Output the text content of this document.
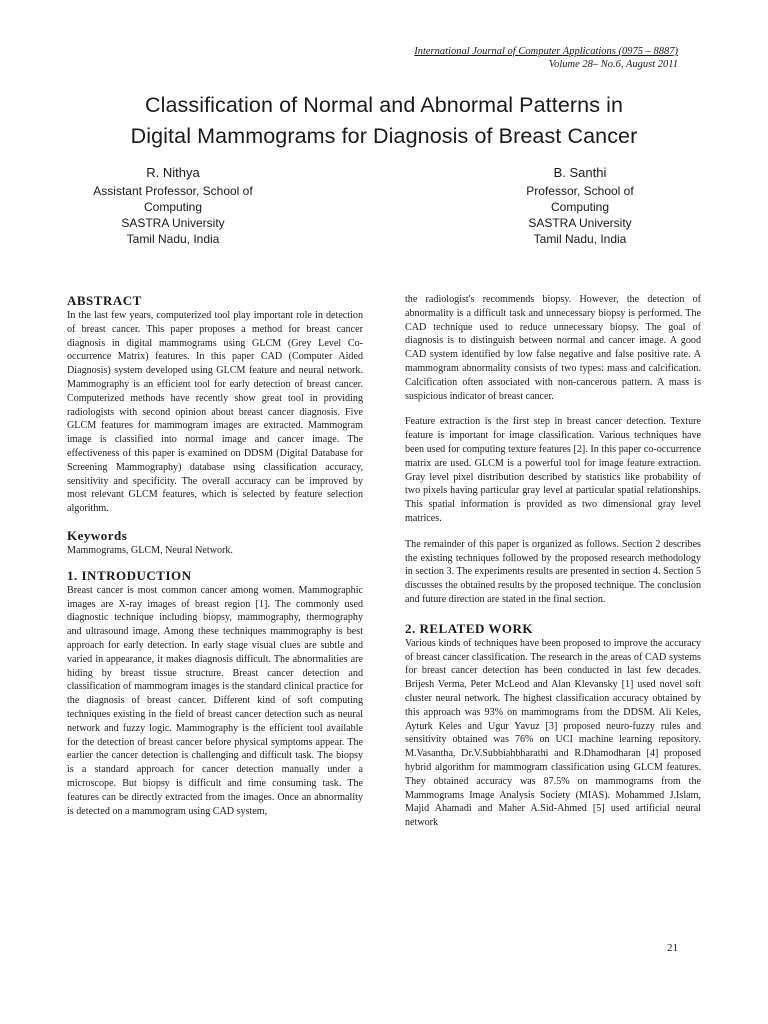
International Journal of Computer Applications (0975 – 8887)
Volume 28– No.6, August 2011
Classification of Normal and Abnormal Patterns in
Digital Mammograms for Diagnosis of Breast Cancer
R. Nithya
Assistant Professor, School of
Computing
SASTRA University
Tamil Nadu, India
B. Santhi
Professor, School of
Computing
SASTRA University
Tamil Nadu, India
ABSTRACT

In the last few years, computerized tool play important role in detection of breast cancer. This paper proposes a method for breast cancer diagnosis in digital mammograms using GLCM (Grey Level Co-occurrence Matrix) features. In this paper CAD (Computer Aided Diagnosis) system developed using GLCM feature and neural network. Mammography is an efficient tool for early detection of breast cancer. Computerized methods have recently show great tool in providing radiologists with second opinion about breast cancer diagnosis. Five GLCM features for mammogram images are extracted. Mammogram image is classified into normal image and cancer image. The effectiveness of this paper is examined on DDSM (Digital Database for Screening Mammography) database using classification accuracy, sensitivity and specificity. The overall accuracy can be improved by most relevant GLCM features, which is selected by feature selection algorithm.

Keywords

Mammograms, GLCM, Neural Network.

1. INTRODUCTION

Breast cancer is most common cancer among women. Mammographic images are X-ray images of breast region [1]. The commonly used diagnostic technique including biopsy, mammography, thermography and ultrasound image. Among these techniques mammography is best approach for early detection. In early stage visual clues are subtle and varied in appearance, it makes diagnosis difficult. The abnormalities are hiding by breast tissue structure. Breast cancer detection and classification of mammogram images is the standard clinical practice for the diagnosis of breast cancer. Different kind of soft computing techniques existing in the field of breast cancer detection such as neural network and fuzzy logic. Mammography is the efficient tool available for the detection of breast cancer before physical symptoms appear. The earlier the cancer detection is challenging and difficult task. The biopsy is a standard approach for cancer detection manually under a microscope. But biopsy is difficult and time consuming task. The features can be directly extracted from the images. Once an abnormality is detected on a mammogram using CAD system,

the radiologist's recommends biopsy. However, the detection of abnormality is a difficult task and unnecessary biopsy is performed. The CAD technique used to reduce unnecessary biopsy. The goal of diagnosis is to distinguish between normal and cancer image. A good CAD system identified by low false negative and false positive rate. A mammogram abnormality consists of two types: mass and calcification. Calcification often associated with non-cancerous pattern. A mass is suspicious indicator of breast cancer.

Feature extraction is the first step in breast cancer detection. Texture feature is important for image classification. Various techniques have been used for computing texture features [2]. In this paper co-occurrence matrix are used. GLCM is a powerful tool for image feature extraction. Gray level pixel distribution described by statistics like probability of two pixels having particular gray level at particular spatial relationships. This spatial information is provided as two dimensional gray level matrices.

The remainder of this paper is organized as follows. Section 2 describes the existing techniques followed by the proposed research methodology in section 3. The experiments results are presented in section 4. Section 5 discusses the obtained results by the proposed technique. The conclusion and future direction are stated in the final section.

2. RELATED WORK

Various kinds of techniques have been proposed to improve the accuracy of breast cancer classification. The research in the areas of CAD systems for breast cancer detection has been conducted in last few decades. Brijesh Verma, Peter McLeod and Alan Klevansky [1] used novel soft cluster neural network. The highest classification accuracy obtained by this approach was 93% on mammograms from the DDSM. Ali Keles, Ayturk Keles and Ugur Yavuz [3] proposed neuro-fuzzy rules and sensitivity obtained was 76% on UCI machine learning repository. M.Vasantha, Dr.V.Subbiahbharathi and R.Dhamodharan [4] proposed hybrid algorithm for mammogram classification using GLCM features. They obtained accuracy was 87.5% on mammograms from the Mammograms Image Analysis Society (MIAS). Mohammed J.Islam, Majid Ahamadi and Maher A.Sid-Ahmed [5] used artificial neural network

21
